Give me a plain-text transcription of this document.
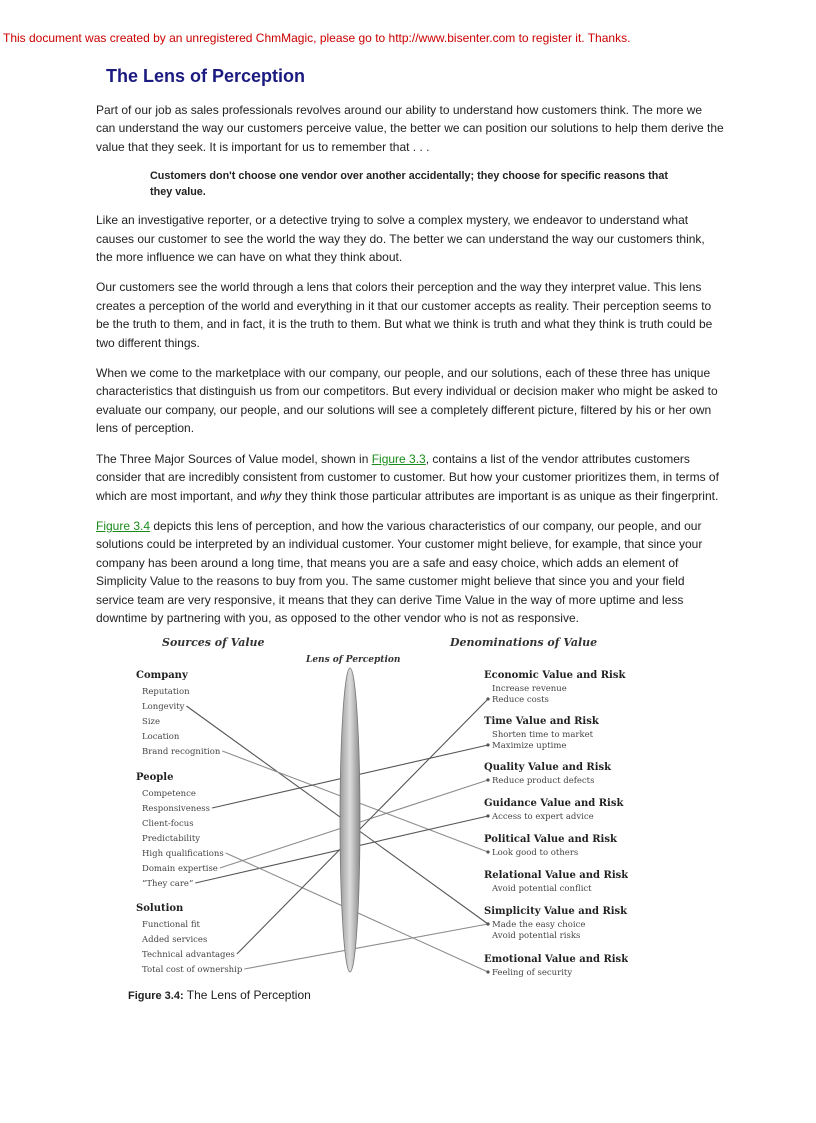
This document was created by an unregistered ChmMagic, please go to http://www.bisenter.com to register it. Thanks.
The Lens of Perception

Part of our job as sales professionals revolves around our ability to understand how customers think. The more we can understand the way our customers perceive value, the better we can position our solutions to help them derive the value that they seek. It is important for us to remember that . . .

Customers don't choose one vendor over another accidentally; they choose for specific reasons that they value.

Like an investigative reporter, or a detective trying to solve a complex mystery, we endeavor to understand what causes our customer to see the world the way they do. The better we can understand the way our customers think, the more influence we can have on what they think about.

Our customers see the world through a lens that colors their perception and the way they interpret value. This lens creates a perception of the world and everything in it that our customer accepts as reality. Their perception seems to be the truth to them, and in fact, it is the truth to them. But what we think is truth and what they think is truth could be two different things.

When we come to the marketplace with our company, our people, and our solutions, each of these three has unique characteristics that distinguish us from our competitors. But every individual or decision maker who might be asked to evaluate our company, our people, and our solutions will see a completely different picture, filtered by his or her own lens of perception.

The Three Major Sources of Value model, shown in Figure 3.3, contains a list of the vendor attributes customers consider that are incredibly consistent from customer to customer. But how your customer prioritizes them, in terms of which are most important, and why they think those particular attributes are important is as unique as their fingerprint.

Figure 3.4 depicts this lens of perception, and how the various characteristics of our company, our people, and our solutions could be interpreted by an individual customer. Your customer might believe, for example, that since your company has been around a long time, that means you are a safe and easy choice, which adds an element of Simplicity Value to the reasons to buy from you. The same customer might believe that since you and your field service team are very responsive, it means that they can derive Time Value in the way of more uptime and less downtime by partnering with you, as opposed to the other vendor who is not as responsive.

Sources of Value
Lens of Perception
Denominations of Value
Company
Reputation
Longevity
Size
Location
Brand recognition
People
Competence
Responsiveness
Client-focus
Predictability
High qualifications
Domain expertise
“They care”
Solution
Functional fit
Added services
Technical advantages
Total cost of ownership
Economic Value and Risk
Increase revenue
Reduce costs
Time Value and Risk
Shorten time to market
Maximize uptime
Quality Value and Risk
Reduce product defects
Guidance Value and Risk
Access to expert advice
Political Value and Risk
Look good to others
Relational Value and Risk
Avoid potential conflict
Simplicity Value and Risk
Made the easy choice
Avoid potential risks
Emotional Value and Risk
Feeling of security
Figure 3.4: The Lens of Perception
